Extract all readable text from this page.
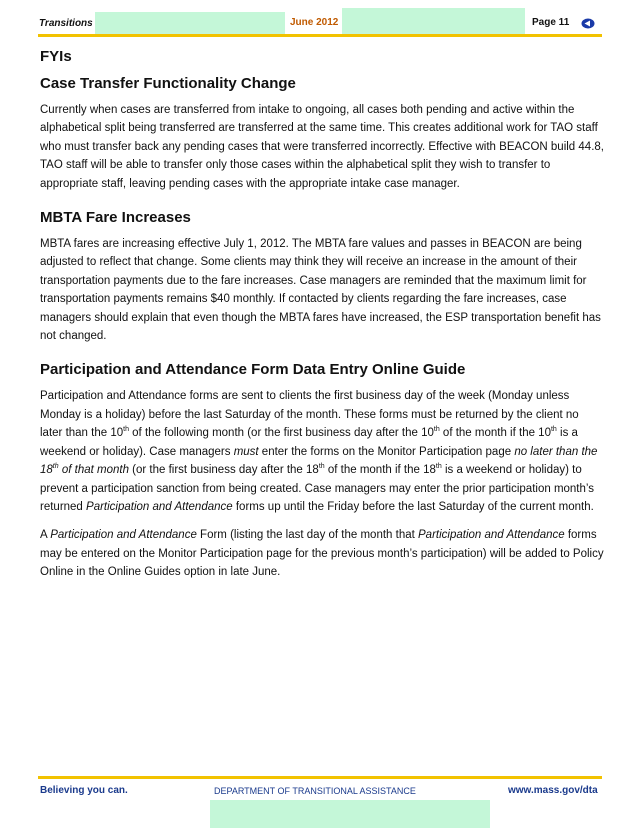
Transitions	June 2012	Page 11
FYIs
Case Transfer Functionality Change

Currently when cases are transferred from intake to ongoing, all cases both pending and active within the alphabetical split being transferred are transferred at the same time. This creates additional work for TAO staff who must transfer back any pending cases that were transferred incorrectly. Effective with BEACON build 44.8, TAO staff will be able to transfer only those cases within the alphabetical split they wish to transfer to appropriate staff, leaving pending cases with the appropriate intake case manager.

MBTA Fare Increases

MBTA fares are increasing effective July 1, 2012. The MBTA fare values and passes in BEACON are being adjusted to reflect that change. Some clients may think they will receive an increase in the amount of their transportation payments due to the fare increases. Case managers are reminded that the maximum limit for transportation payments remains $40 monthly. If contacted by clients regarding the fare increases, case managers should explain that even though the MBTA fares have increased, the ESP transportation benefit has not changed.

Participation and Attendance Form Data Entry Online Guide

Participation and Attendance forms are sent to clients the first business day of the week (Monday unless Monday is a holiday) before the last Saturday of the month. These forms must be returned by the client no later than the 10th of the following month (or the first business day after the 10th of the month if the 10th is a weekend or holiday). Case managers must enter the forms on the Monitor Participation page no later than the 18th of that month (or the first business day after the 18th of the month if the 18th is a weekend or holiday) to prevent a participation sanction from being created. Case managers may enter the prior participation month’s returned Participation and Attendance forms up until the Friday before the last Saturday of the current month.

A Participation and Attendance Form (listing the last day of the month that Participation and Attendance forms may be entered on the Monitor Participation page for the previous month’s participation) will be added to Policy Online in the Online Guides option in late June.

Believing you can.	DEPARTMENT OF TRANSITIONAL ASSISTANCE	www.mass.gov/dta
